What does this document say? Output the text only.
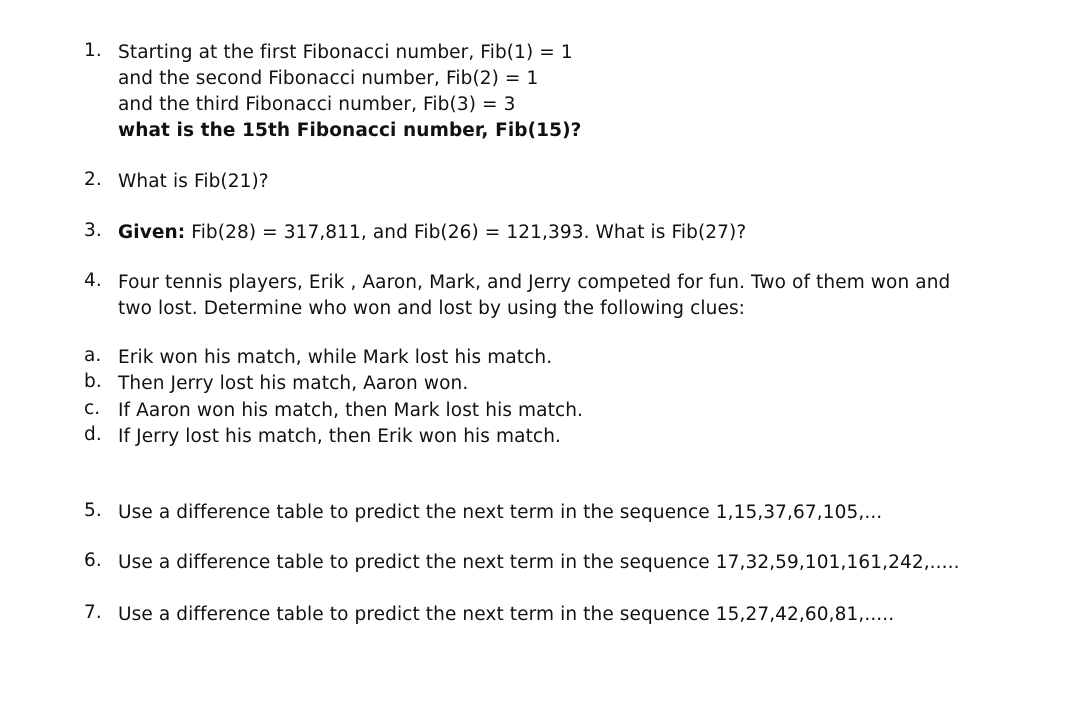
1. Starting at the first Fibonacci number, Fib(1) = 1
and the second Fibonacci number, Fib(2) = 1
and the third Fibonacci number, Fib(3) = 3
what is the 15th Fibonacci number, Fib(15)?
2. What is Fib(21)?
3. Given: Fib(28) = 317,811, and Fib(26) = 121,393. What is Fib(27)?
4. Four tennis players, Erik , Aaron, Mark, and Jerry competed for fun. Two of them won and
two lost. Determine who won and lost by using the following clues:
a. Erik won his match, while Mark lost his match.
b. Then Jerry lost his match, Aaron won.
c. If Aaron won his match, then Mark lost his match.
d. If Jerry lost his match, then Erik won his match.
5. Use a difference table to predict the next term in the sequence 1,15,37,67,105,...
6. Use a difference table to predict the next term in the sequence 17,32,59,101,161,242,.....
7. Use a difference table to predict the next term in the sequence 15,27,42,60,81,.....
